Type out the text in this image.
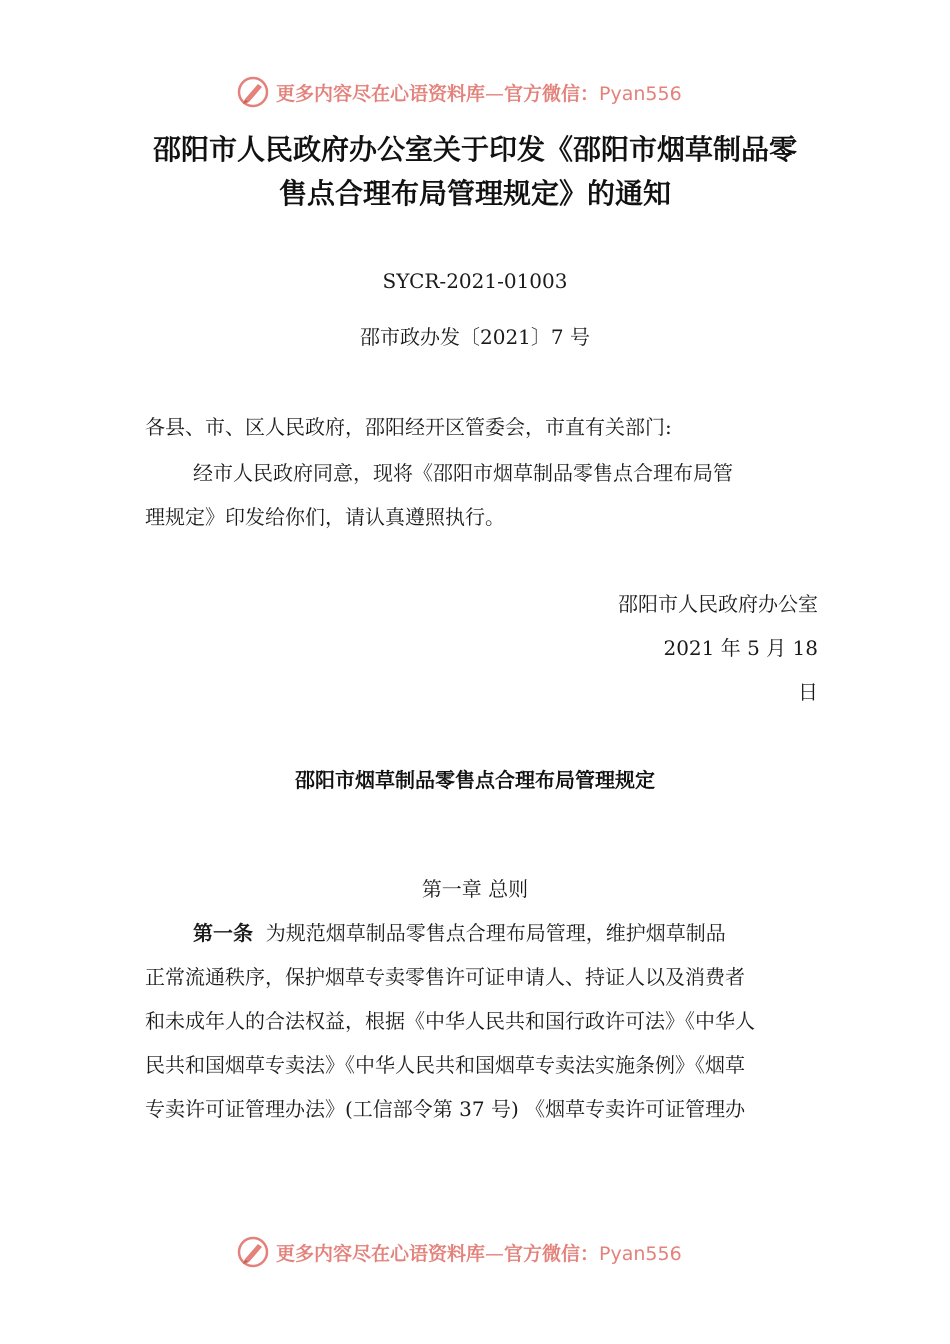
更多内容尽在心语资料库—官方微信：Pyan556
邵阳市人民政府办公室关于印发《邵阳市烟草制品零
售点合理布局管理规定》的通知
SYCR-2021-01003
邵市政办发〔2021〕7 号
各县、市、区人民政府，邵阳经开区管委会，市直有关部门:
经市人民政府同意，现将《邵阳市烟草制品零售点合理布局管
理规定》印发给你们，请认真遵照执行。
邵阳市人民政府办公室
2021 年 5 月 18
日
邵阳市烟草制品零售点合理布局管理规定
第一章 总则
第一条 为规范烟草制品零售点合理布局管理，维护烟草制品
正常流通秩序，保护烟草专卖零售许可证申请人、持证人以及消费者
和未成年人的合法权益，根据《中华人民共和国行政许可法》《中华人
民共和国烟草专卖法》《中华人民共和国烟草专卖法实施条例》《烟草
专卖许可证管理办法》(工信部令第 37 号) 《烟草专卖许可证管理办
更多内容尽在心语资料库—官方微信：Pyan556
